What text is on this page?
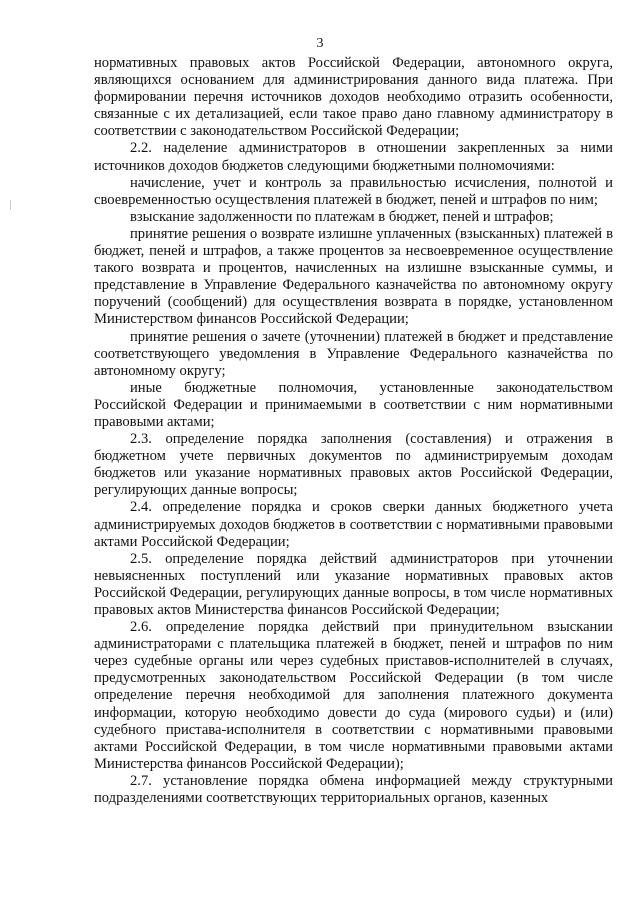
3

нормативных правовых актов Российской Федерации, автономного округа, являющихся основанием для администрирования данного вида платежа. При формировании перечня источников доходов необходимо отразить особенности, связанные с их детализацией, если такое право дано главному администратору в соответствии с законодательством Российской Федерации;

2.2. наделение администраторов в отношении закрепленных за ними источников доходов бюджетов следующими бюджетными полномочиями:

начисление, учет и контроль за правильностью исчисления, полнотой и своевременностью осуществления платежей в бюджет, пеней и штрафов по ним;

взыскание задолженности по платежам в бюджет, пеней и штрафов;

принятие решения о возврате излишне уплаченных (взысканных) платежей в бюджет, пеней и штрафов, а также процентов за несвоевременное осуществление такого возврата и процентов, начисленных на излишне взысканные суммы, и представление в Управление Федерального казначейства по автономному округу поручений (сообщений) для осуществления возврата в порядке, установленном Министерством финансов Российской Федерации;

принятие решения о зачете (уточнении) платежей в бюджет и представление соответствующего уведомления в Управление Федерального казначейства по автономному округу;

иные бюджетные полномочия, установленные законодательством Российской Федерации и принимаемыми в соответствии с ним нормативными правовыми актами;

2.3. определение порядка заполнения (составления) и отражения в бюджетном учете первичных документов по администрируемым доходам бюджетов или указание нормативных правовых актов Российской Федерации, регулирующих данные вопросы;

2.4. определение порядка и сроков сверки данных бюджетного учета администрируемых доходов бюджетов в соответствии с нормативными правовыми актами Российской Федерации;

2.5. определение порядка действий администраторов при уточнении невыясненных поступлений или указание нормативных правовых актов Российской Федерации, регулирующих данные вопросы, в том числе нормативных правовых актов Министерства финансов Российской Федерации;

2.6. определение порядка действий при принудительном взыскании администраторами с плательщика платежей в бюджет, пеней и штрафов по ним через судебные органы или через судебных приставов-исполнителей в случаях, предусмотренных законодательством Российской Федерации (в том числе определение перечня необходимой для заполнения платежного документа информации, которую необходимо довести до суда (мирового судьи) и (или) судебного пристава-исполнителя в соответствии с нормативными правовыми актами Российской Федерации, в том числе нормативными правовыми актами Министерства финансов Российской Федерации);

2.7. установление порядка обмена информацией между структурными подразделениями соответствующих территориальных органов, казенных
